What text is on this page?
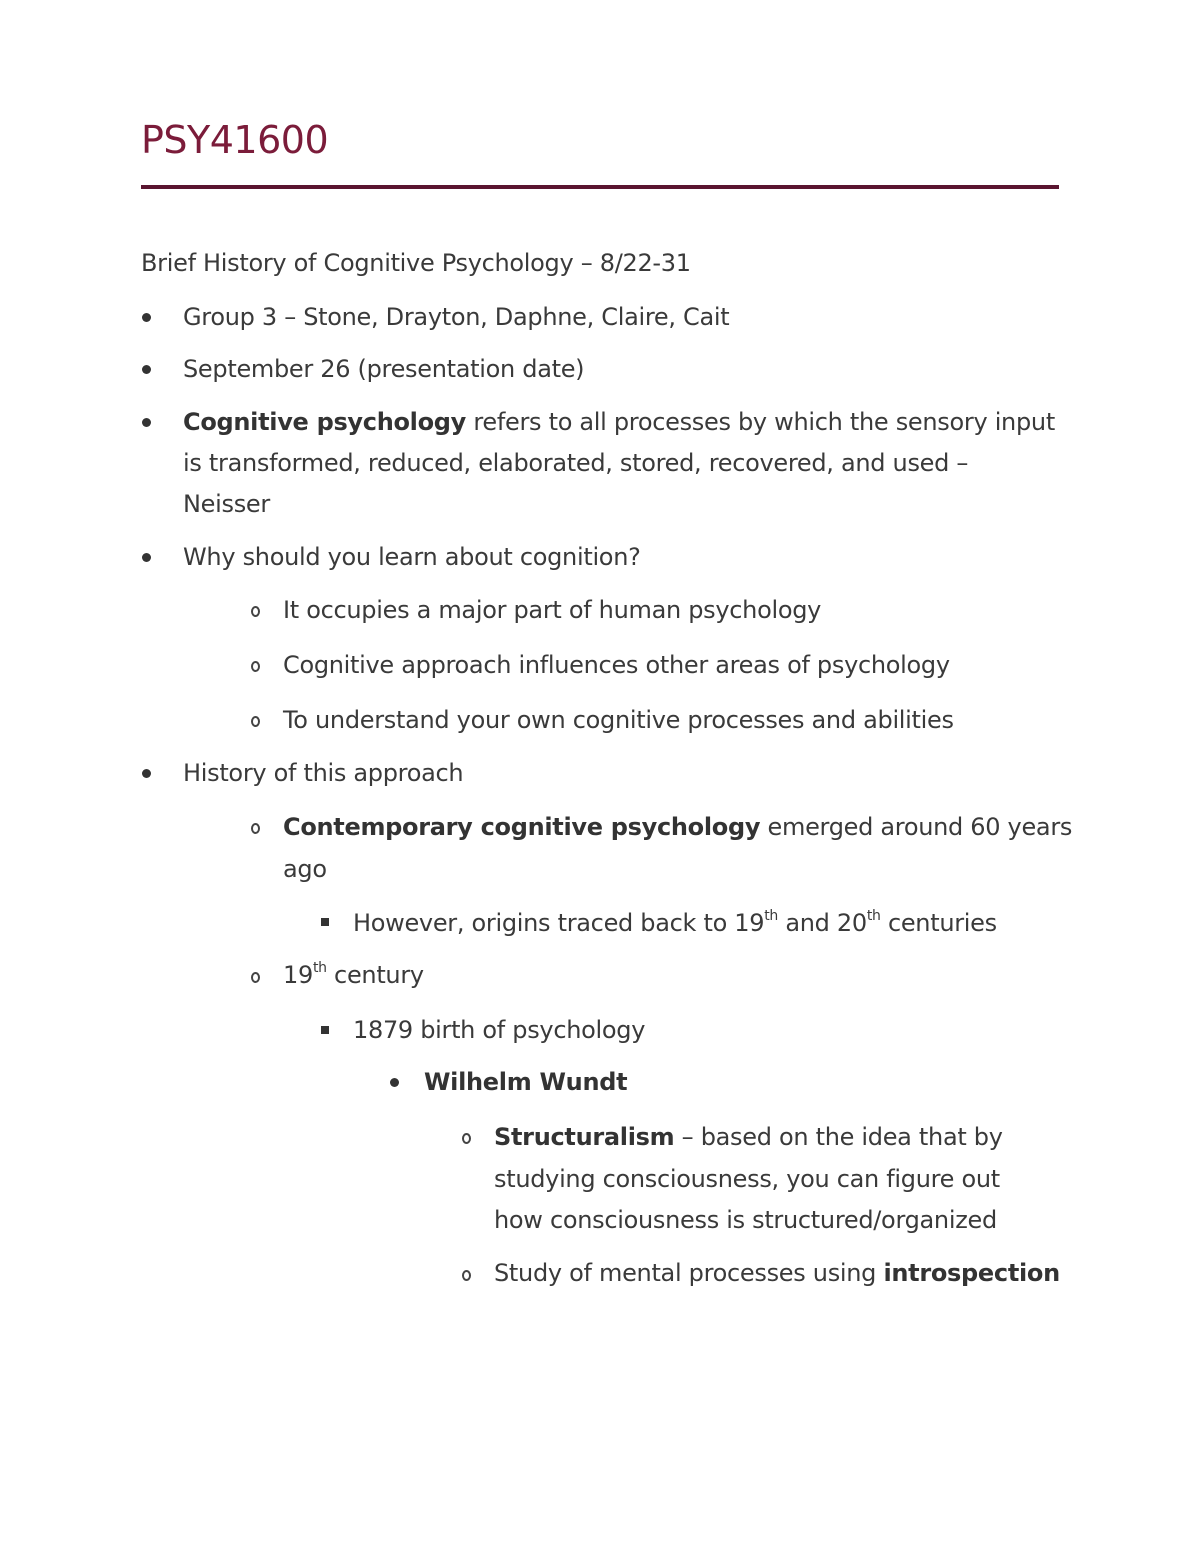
PSY41600
Brief History of Cognitive Psychology – 8/22-31
Group 3 – Stone, Drayton, Daphne, Claire, Cait
September 26 (presentation date)
Cognitive psychology refers to all processes by which the sensory input
is transformed, reduced, elaborated, stored, recovered, and used –
Neisser
Why should you learn about cognition?
It occupies a major part of human psychology
Cognitive approach influences other areas of psychology
To understand your own cognitive processes and abilities
History of this approach
Contemporary cognitive psychology emerged around 60 years
ago
However, origins traced back to 19th and 20th centuries
19th century
1879 birth of psychology
Wilhelm Wundt
Structuralism – based on the idea that by
studying consciousness, you can figure out
how consciousness is structured/organized
Study of mental processes using introspection
